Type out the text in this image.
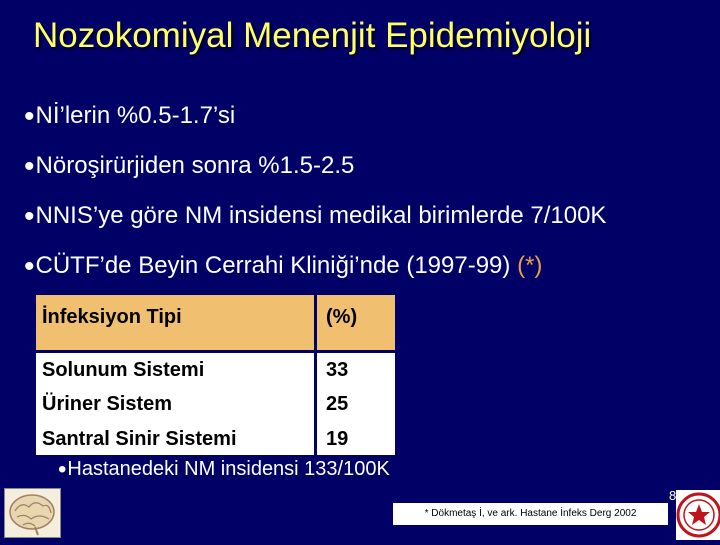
Nozokomiyal Menenjit Epidemiyoloji
•Nİ’lerin %0.5-1.7’si
•Nöroşirürjiden sonra %1.5-2.5
•NNIS’ye göre NM insidensi medikal birimlerde 7/100K
•CÜTF’de Beyin Cerrahi Kliniği’nde (1997-99) (*)
İnfeksiyon Tipi	(%)
Solunum Sistemi	33
Üriner Sistem	25
Santral Sinir Sistemi	19
•Hastanedeki NM insidensi 133/100K
* Dökmetaş İ, ve ark. Hastane İnfeks Derg 2002
8
